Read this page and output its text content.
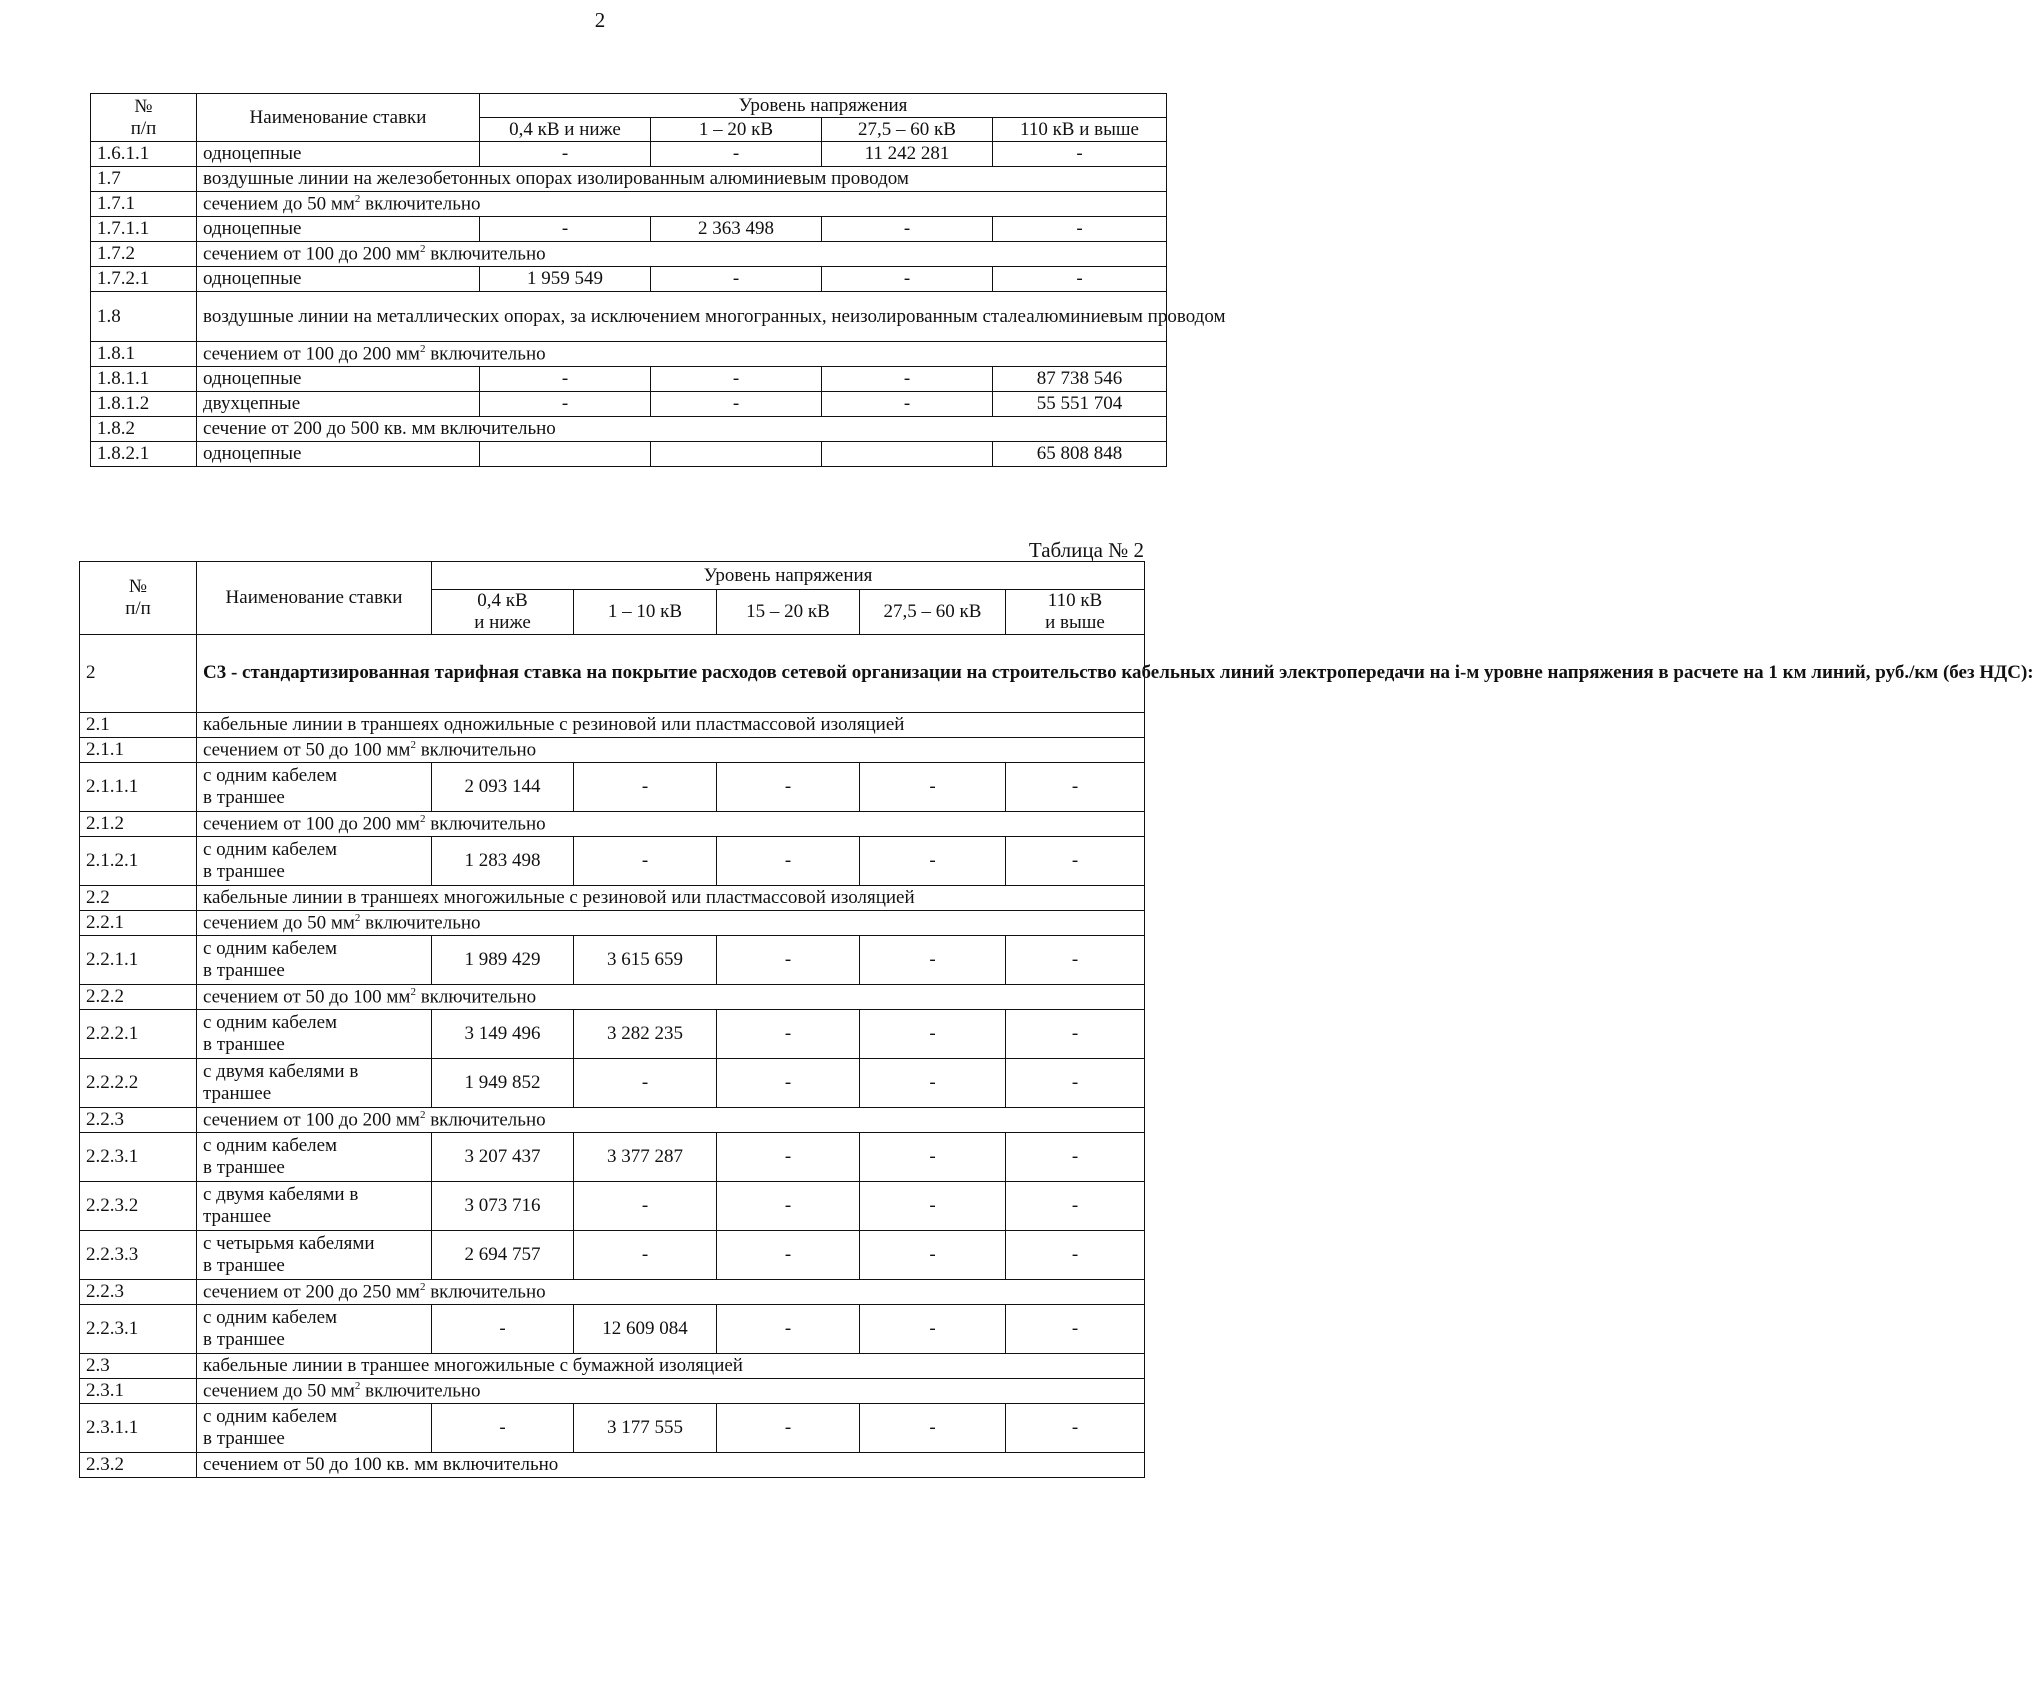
2
№
п/п	Наименование ставки	Уровень напряжения			
		0,4 кВ и ниже	1 – 20 кВ	27,5 – 60 кВ	110 кВ и выше
1.6.1.1	одноцепные	-	-	11 242 281	-
1.7	воздушные линии на железобетонных опорах изолированным алюминиевым проводом				
1.7.1	сечением до 50 $мм^2$ включительно				
1.7.1.1	одноцепные	-	2 363 498	-	-
1.7.2	сечением от 100 до 200 $мм^2$ включительно				
1.7.2.1	одноцепные	1 959 549	-	-	-
1.8	воздушные линии на металлических опорах, за исключением многогранных, неизолированным сталеалюминиевым проводом				
1.8.1	сечением от 100 до 200 $мм^2$ включительно				
1.8.1.1	одноцепные	-	-	-	87 738 546
1.8.1.2	двухцепные	-	-	-	55 551 704
1.8.2	сечение от 200 до 500 кв. мм включительно				
1.8.2.1	одноцепные				65 808 848
Таблица № 2
№
п/п	Наименование ставки	Уровень напряжения				
		0,4 кВ
и ниже	1 – 10 кВ	15 – 20 кВ	27,5 – 60 кВ	110 кВ
и выше
2	С3 - стандартизированная тарифная ставка на покрытие расходов сетевой организации на строительство кабельных линий электропередачи на i-м уровне напряжения в расчете на 1 км линий, руб./км (без НДС):					
2.1	кабельные линии в траншеях одножильные с резиновой или пластмассовой изоляцией					
2.1.1	сечением от 50 до 100 $мм^2$ включительно					
2.1.1.1	с одним кабелем
в траншее	2 093 144	-	-	-	-
2.1.2	сечением от 100 до 200 $мм^2$ включительно					
2.1.2.1	с одним кабелем
в траншее	1 283 498	-	-	-	-
2.2	кабельные линии в траншеях многожильные с резиновой или пластмассовой изоляцией					
2.2.1	сечением до 50 $мм^2$ включительно					
2.2.1.1	с одним кабелем
в траншее	1 989 429	3 615 659	-	-	-
2.2.2	сечением от 50 до 100 $мм^2$ включительно					
2.2.2.1	с одним кабелем
в траншее	3 149 496	3 282 235	-	-	-
2.2.2.2	с двумя кабелями в
траншее	1 949 852	-	-	-	-
2.2.3	сечением от 100 до 200 $мм^2$ включительно					
2.2.3.1	с одним кабелем
в траншее	3 207 437	3 377 287	-	-	-
2.2.3.2	с двумя кабелями в
траншее	3 073 716	-	-	-	-
2.2.3.3	с четырьмя кабелями
в траншее	2 694 757	-	-	-	-
2.2.3	сечением от 200 до 250 $мм^2$ включительно					
2.2.3.1	с одним кабелем
в траншее	-	12 609 084	-	-	-
2.3	кабельные линии в траншее многожильные с бумажной изоляцией					
2.3.1	сечением до 50 $мм^2$ включительно					
2.3.1.1	с одним кабелем
в траншее	-	3 177 555	-	-	-
2.3.2	сечением от 50 до 100 кв. мм включительно					
